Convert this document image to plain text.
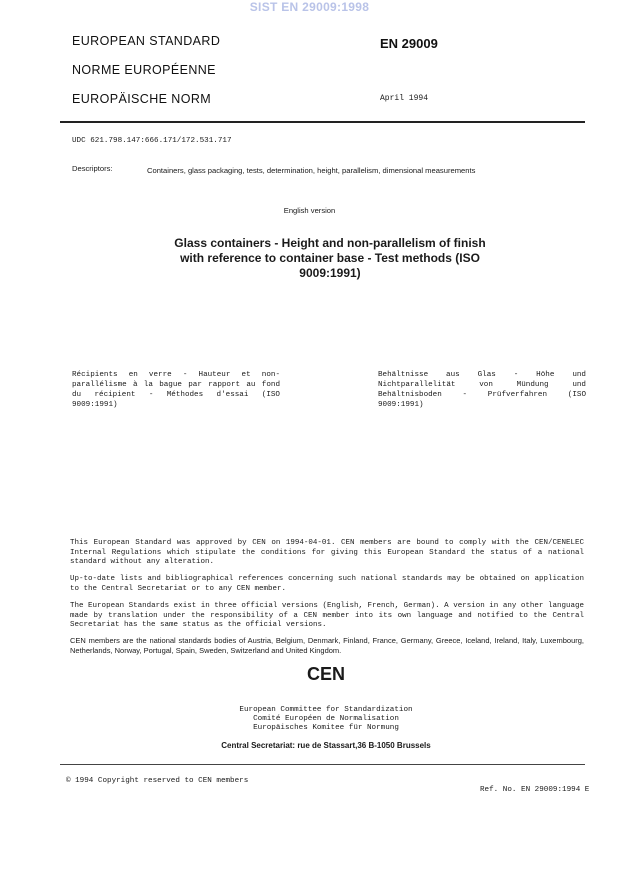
SIST EN 29009:1998
EUROPEAN STANDARD
NORME EUROPÉENNE
EUROPÄISCHE NORM
EN 29009
April 1994
UDC 621.798.147:666.171/172.531.717
Descriptors:	Containers, glass packaging, tests, determination, height, parallelism, dimensional measurements
English version
Glass containers - Height and non-parallelism of finish with reference to container base - Test methods (ISO 9009:1991)
Récipients en verre - Hauteur et non-parallélisme à la bague par rapport au fond du récipient - Méthodes d'essai (ISO 9009:1991)
Behältnisse aus Glas - Höhe und Nichtparallelität von Mündung und Behältnisboden - Prüfverfahren (ISO 9009:1991)
This European Standard was approved by CEN on 1994-04-01. CEN members are bound to comply with the CEN/CENELEC Internal Regulations which stipulate the conditions for giving this European Standard the status of a national standard without any alteration.
Up-to-date lists and bibliographical references concerning such national standards may be obtained on application to the Central Secretariat or to any CEN member.
The European Standards exist in three official versions (English, French, German). A version in any other language made by translation under the responsibility of a CEN member into its own language and notified to the Central Secretariat has the same status as the official versions.
CEN members are the national standards bodies of Austria, Belgium, Denmark, Finland, France, Germany, Greece, Iceland, Ireland, Italy, Luxembourg, Netherlands, Norway, Portugal, Spain, Sweden, Switzerland and United Kingdom.
CEN
European Committee for Standardization
Comité Européen de Normalisation
Europäisches Komitee für Normung
Central Secretariat: rue de Stassart,36 B-1050 Brussels
© 1994 Copyright reserved to CEN members
Ref. No. EN 29009:1994 E
